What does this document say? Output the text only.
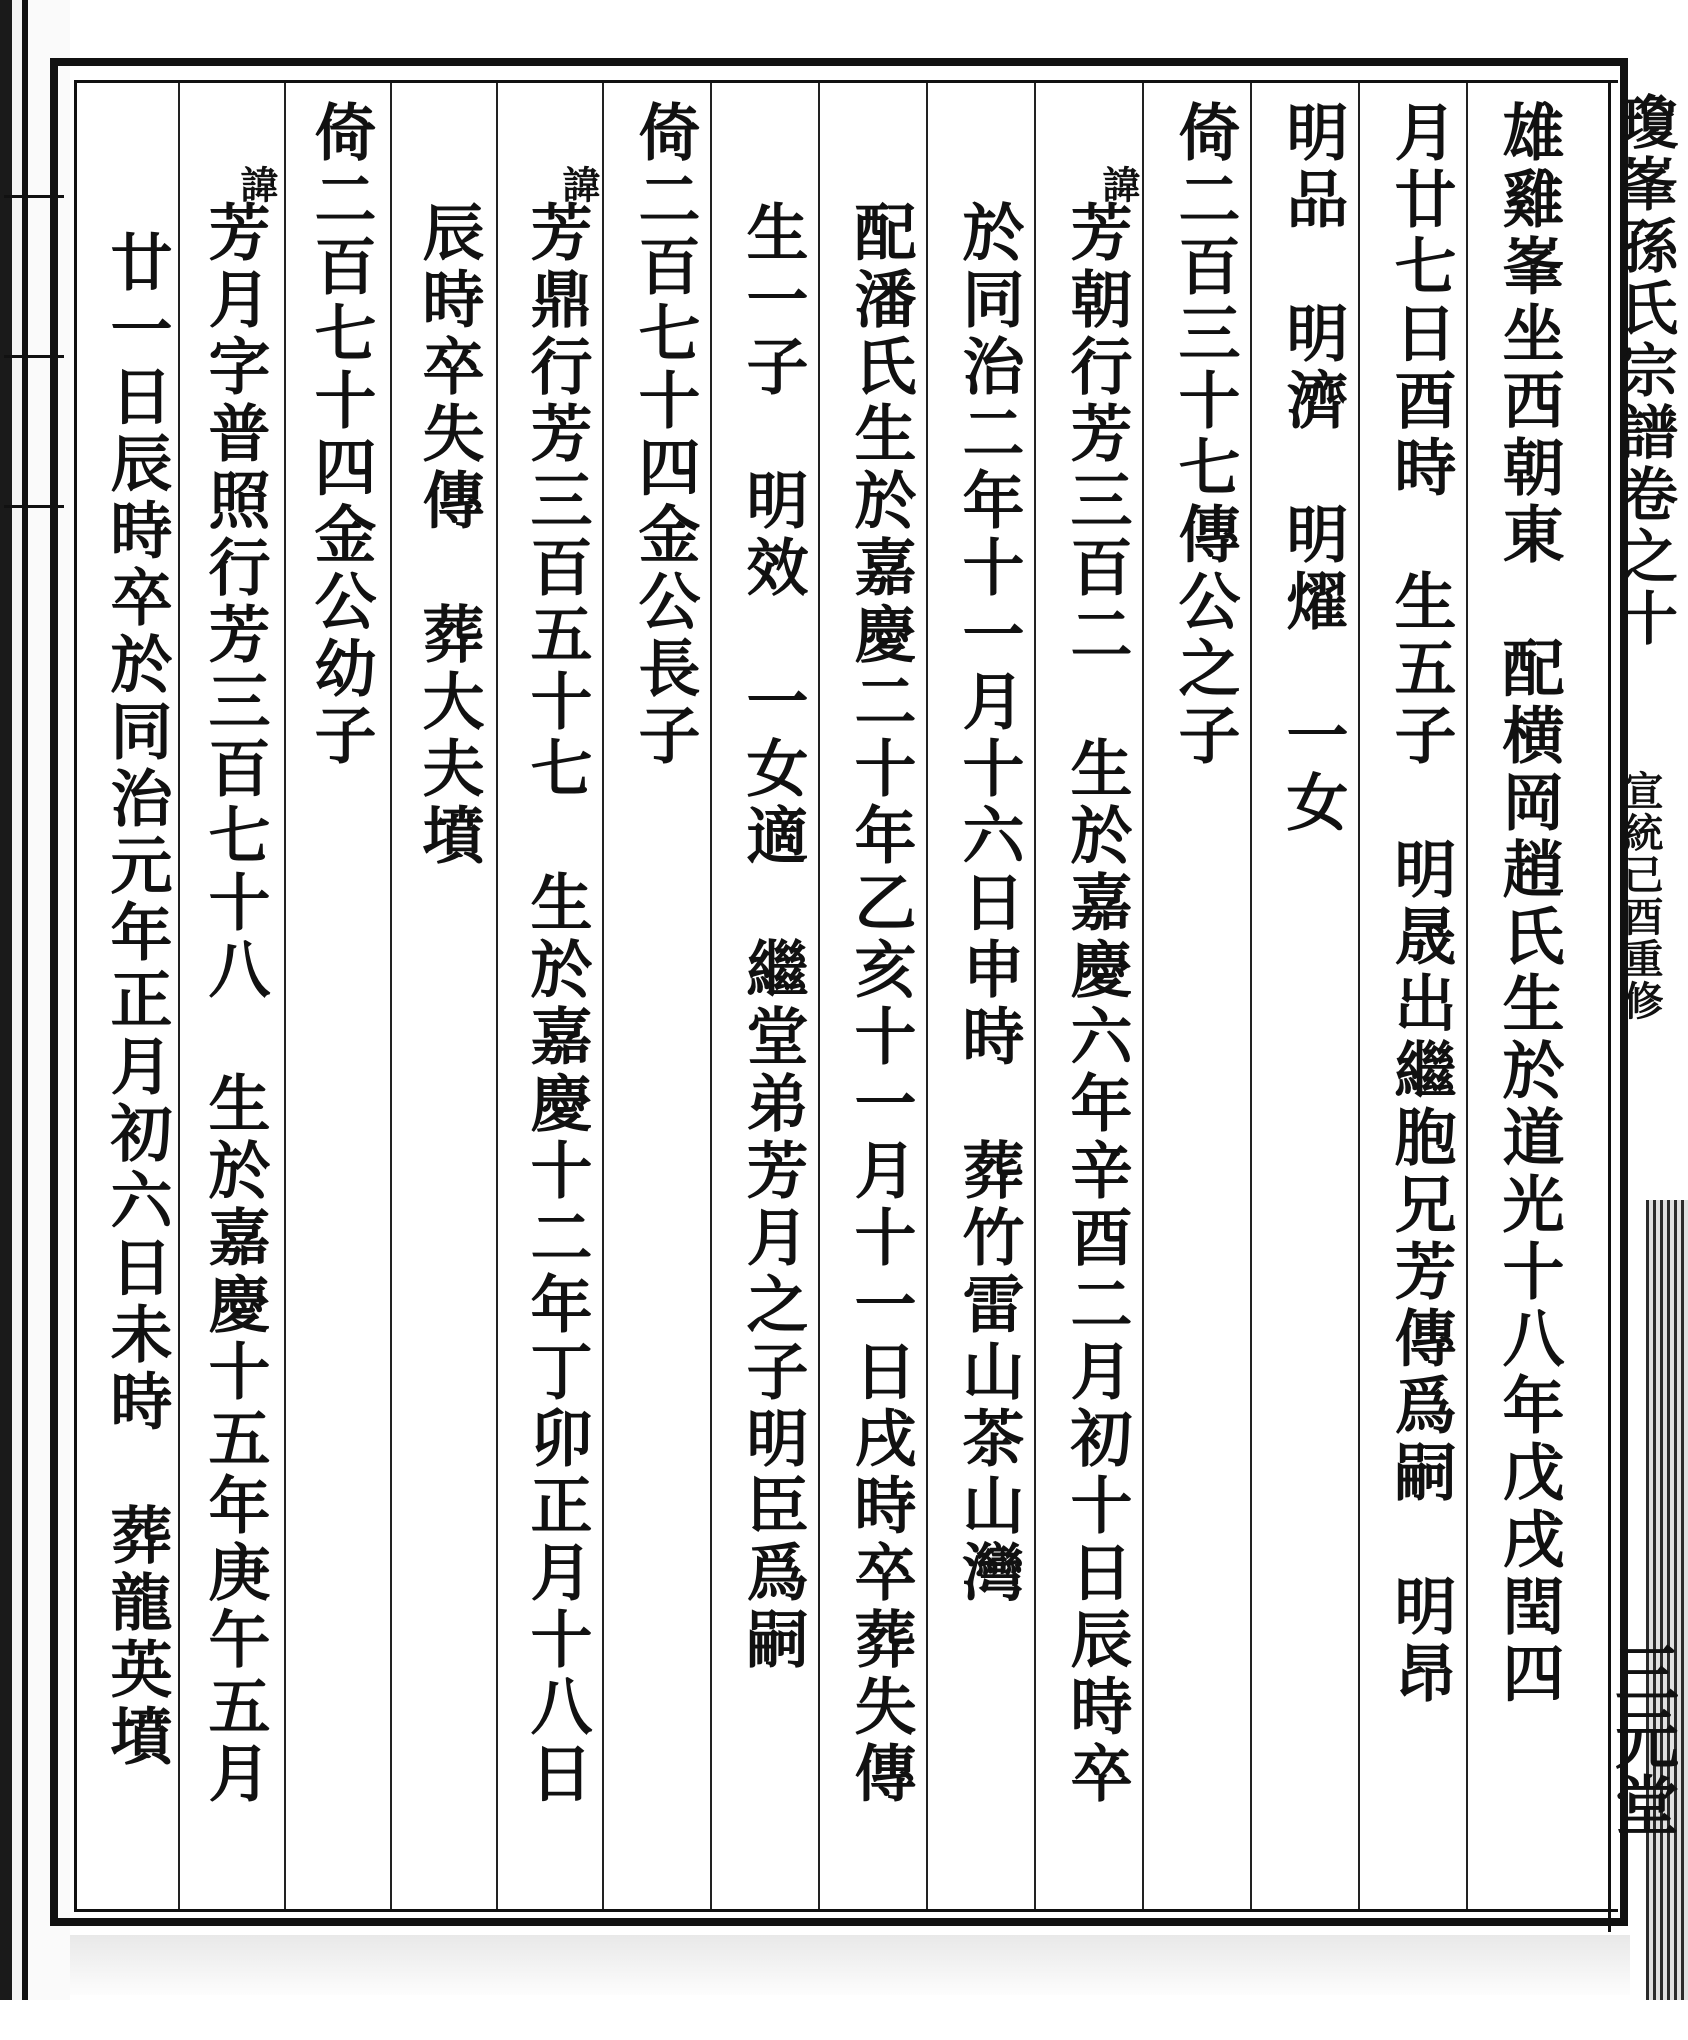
瓊峯孫氏宗譜卷之十
宣統己酉重修
三元堂
雄雞峯坐西朝東　配横岡趙氏生於道光十八年戊戌閏四
月廿七日酉時　生五子　明晟出繼胞兄芳傳爲嗣　明昂
明品　明濟　明燿　一女
倚二百三十七傳公之子
諱
芳朝行芳三百二　生於嘉慶六年辛酉二月初十日辰時卒
於同治二年十一月十六日申時　葬竹雷山茶山灣
配潘氏生於嘉慶二十年乙亥十一月十一日戌時卒葬失傳
生一子　明效　一女適　繼堂弟芳月之子明臣爲嗣
倚二百七十四金公長子
諱
芳鼎行芳三百五十七　生於嘉慶十二年丁卯正月十八日
辰時卒失傳　葬大夫墳
倚二百七十四金公幼子
諱
芳月字普照行芳三百七十八　生於嘉慶十五年庚午五月
廿一日辰時卒於同治元年正月初六日未時　葬龍英墳
